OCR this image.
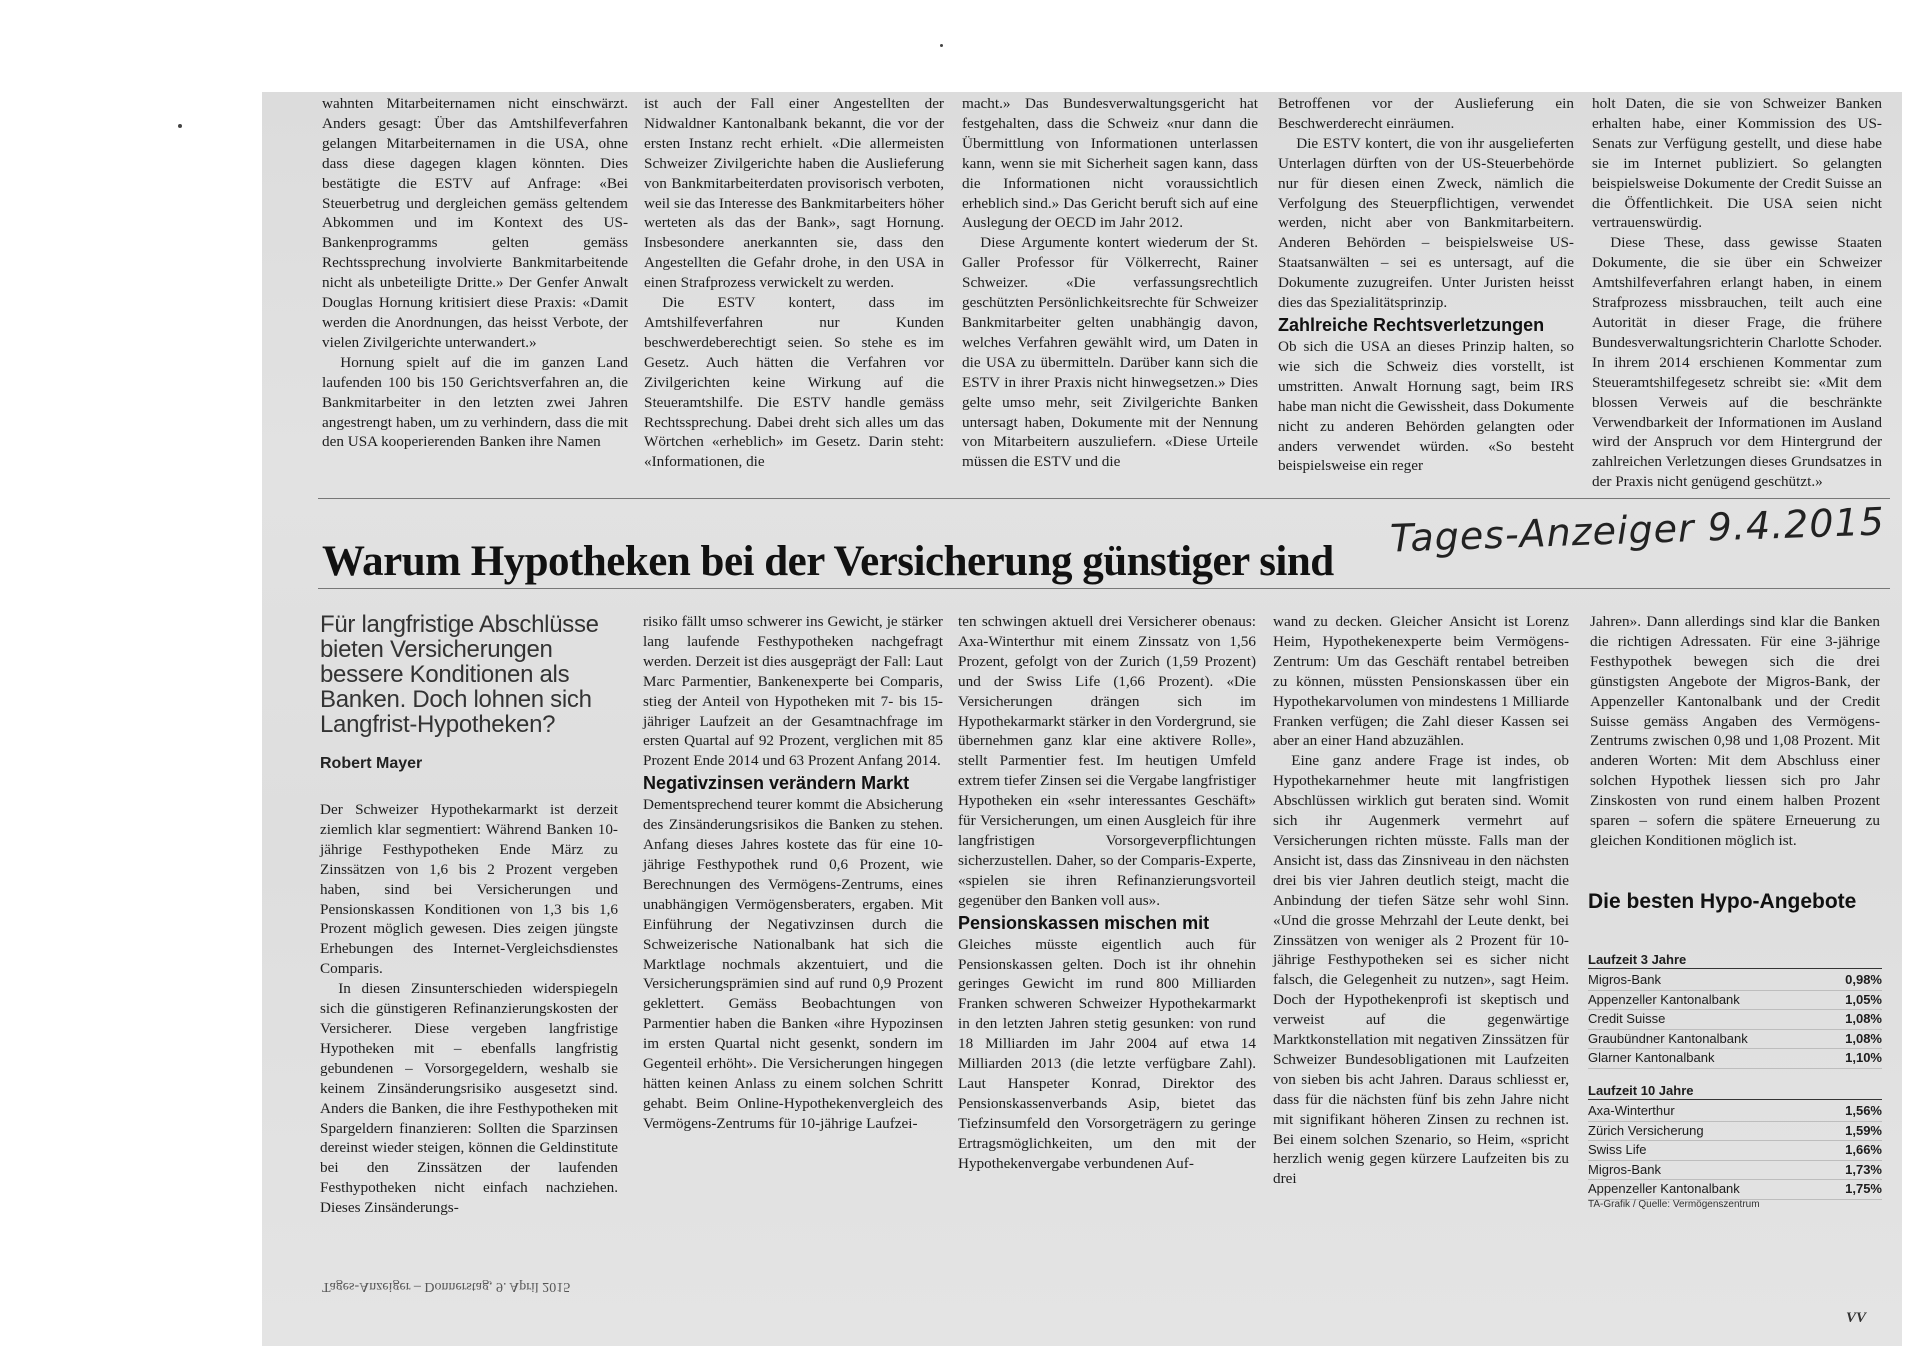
wahnten Mitarbeiternamen nicht einschwärzt. Anders gesagt: Über das Amtshilfeverfahren gelangen Mitarbeiternamen in die USA, ohne dass diese dagegen klagen könnten. Dies bestätigte die ESTV auf Anfrage: «Bei Steuerbetrug und dergleichen gemäss geltendem Abkommen und im Kontext des US-Bankenprogramms gelten gemäss Rechtssprechung involvierte Bankmitarbeitende nicht als unbeteiligte Dritte.» Der Genfer Anwalt Douglas Hornung kritisiert diese Praxis: «Damit werden die Anordnungen, das heisst Verbote, der vielen Zivilgerichte unterwandert.»

Hornung spielt auf die im ganzen Land laufenden 100 bis 150 Gerichtsverfahren an, die Bankmitarbeiter in den letzten zwei Jahren angestrengt haben, um zu verhindern, dass die mit den USA kooperierenden Banken ihre Namen

ist auch der Fall einer Angestellten der Nidwaldner Kantonalbank bekannt, die vor der ersten Instanz recht erhielt. «Die allermeisten Schweizer Zivilgerichte haben die Auslieferung von Bankmitarbeiterdaten provisorisch verboten, weil sie das Interesse des Bankmitarbeiters höher werteten als das der Bank», sagt Hornung. Insbesondere anerkannten sie, dass den Angestellten die Gefahr drohe, in den USA in einen Strafprozess verwickelt zu werden.

Die ESTV kontert, dass im Amtshilfeverfahren nur Kunden beschwerdeberechtigt seien. So stehe es im Gesetz. Auch hätten die Verfahren vor Zivilgerichten keine Wirkung auf die Steueramtshilfe. Die ESTV handle gemäss Rechtssprechung. Dabei dreht sich alles um das Wörtchen «erheblich» im Gesetz. Darin steht: «Informationen, die

macht.» Das Bundesverwaltungsgericht hat festgehalten, dass die Schweiz «nur dann die Übermittlung von Informationen unterlassen kann, wenn sie mit Sicherheit sagen kann, dass die Informationen nicht voraussichtlich erheblich sind.» Das Gericht beruft sich auf eine Auslegung der OECD im Jahr 2012.

Diese Argumente kontert wiederum der St. Galler Professor für Völkerrecht, Rainer Schweizer. «Die verfassungsrechtlich geschützten Persönlichkeitsrechte für Schweizer Bankmitarbeiter gelten unabhängig davon, welches Verfahren gewählt wird, um Daten in die USA zu übermitteln. Darüber kann sich die ESTV in ihrer Praxis nicht hinwegsetzen.» Dies gelte umso mehr, seit Zivilgerichte Banken untersagt haben, Dokumente mit der Nennung von Mitarbeitern auszuliefern. «Diese Urteile müssen die ESTV und die

Betroffenen vor der Auslieferung ein Beschwerderecht einräumen.

Die ESTV kontert, die von ihr ausgelieferten Unterlagen dürften von der US-Steuerbehörde nur für diesen einen Zweck, nämlich die Verfolgung des Steuerpflichtigen, verwendet werden, nicht aber von Bankmitarbeitern. Anderen Behörden – beispielsweise US-Staatsanwälten – sei es untersagt, auf die Dokumente zuzugreifen. Unter Juristen heisst dies das Spezialitätsprinzip.

Zahlreiche Rechtsverletzungen

Ob sich die USA an dieses Prinzip halten, so wie sich die Schweiz dies vorstellt, ist umstritten. Anwalt Hornung sagt, beim IRS habe man nicht die Gewissheit, dass Dokumente nicht zu anderen Behörden gelangten oder anders verwendet würden. «So besteht beispielsweise ein reger

holt Daten, die sie von Schweizer Banken erhalten habe, einer Kommission des US-Senats zur Verfügung gestellt, und diese habe sie im Internet publiziert. So gelangten beispielsweise Dokumente der Credit Suisse an die Öffentlichkeit. Die USA seien nicht vertrauenswürdig.

Diese These, dass gewisse Staaten Dokumente, die sie über ein Schweizer Amtshilfeverfahren erlangt haben, in einem Strafprozess missbrauchen, teilt auch eine Autorität in dieser Frage, die frühere Bundesverwaltungsrichterin Charlotte Schoder. In ihrem 2014 erschienen Kommentar zum Steueramtshilfegesetz schreibt sie: «Mit dem blossen Verweis auf die beschränkte Verwendbarkeit der Informationen im Ausland wird der Anspruch vor dem Hintergrund der zahlreichen Verletzungen dieses Grundsatzes in der Praxis nicht genügend geschützt.»

Warum Hypotheken bei der Versicherung günstiger sind
Tages-Anzeiger 9.4.2015
Für langfristige Abschlüsse bieten Versicherungen bessere Konditionen als Banken. Doch lohnen sich Langfrist-Hypotheken?
Robert Mayer

Der Schweizer Hypothekarmarkt ist derzeit ziemlich klar segmentiert: Während Banken 10-jährige Festhypotheken Ende März zu Zinssätzen von 1,6 bis 2 Prozent vergeben haben, sind bei Versicherungen und Pensionskassen Konditionen von 1,3 bis 1,6 Prozent möglich gewesen. Dies zeigen jüngste Erhebungen des Internet-Vergleichsdienstes Comparis.

In diesen Zinsunterschieden widerspiegeln sich die günstigeren Refinanzierungskosten der Versicherer. Diese vergeben langfristige Hypotheken mit – ebenfalls langfristig gebundenen – Vorsorgegeldern, weshalb sie keinem Zinsänderungsrisiko ausgesetzt sind. Anders die Banken, die ihre Festhypotheken mit Spargeldern finanzieren: Sollten die Sparzinsen dereinst wieder steigen, können die Geldinstitute bei den Zinssätzen der laufenden Festhypotheken nicht einfach nachziehen. Dieses Zinsänderungs-

risiko fällt umso schwerer ins Gewicht, je stärker lang laufende Festhypotheken nachgefragt werden. Derzeit ist dies ausgeprägt der Fall: Laut Marc Parmentier, Bankenexperte bei Comparis, stieg der Anteil von Hypotheken mit 7- bis 15-jähriger Laufzeit an der Gesamtnachfrage im ersten Quartal auf 92 Prozent, verglichen mit 85 Prozent Ende 2014 und 63 Prozent Anfang 2014.

Negativzinsen verändern Markt

Dementsprechend teurer kommt die Absicherung des Zinsänderungsrisikos die Banken zu stehen. Anfang dieses Jahres kostete das für eine 10-jährige Festhypothek rund 0,6 Prozent, wie Berechnungen des Vermögens-Zentrums, eines unabhängigen Vermögensberaters, ergaben. Mit Einführung der Negativzinsen durch die Schweizerische Nationalbank hat sich die Marktlage nochmals akzentuiert, und die Versicherungsprämien sind auf rund 0,9 Prozent geklettert. Gemäss Beobachtungen von Parmentier haben die Banken «ihre Hypozinsen im ersten Quartal nicht gesenkt, sondern im Gegenteil erhöht». Die Versicherungen hingegen hätten keinen Anlass zu einem solchen Schritt gehabt. Beim Online-Hypothekenvergleich des Vermögens-Zentrums für 10-jährige Laufzei-

ten schwingen aktuell drei Versicherer obenaus: Axa-Winterthur mit einem Zinssatz von 1,56 Prozent, gefolgt von der Zurich (1,59 Prozent) und der Swiss Life (1,66 Prozent). «Die Versicherungen drängen sich im Hypothekarmarkt stärker in den Vordergrund, sie übernehmen ganz klar eine aktivere Rolle», stellt Parmentier fest. Im heutigen Umfeld extrem tiefer Zinsen sei die Vergabe langfristiger Hypotheken ein «sehr interessantes Geschäft» für Versicherungen, um einen Ausgleich für ihre langfristigen Vorsorgeverpflichtungen sicherzustellen. Daher, so der Comparis-Experte, «spielen sie ihren Refinanzierungsvorteil gegenüber den Banken voll aus».

Pensionskassen mischen mit

Gleiches müsste eigentlich auch für Pensionskassen gelten. Doch ist ihr ohnehin geringes Gewicht im rund 800 Milliarden Franken schweren Schweizer Hypothekarmarkt in den letzten Jahren stetig gesunken: von rund 18 Milliarden im Jahr 2004 auf etwa 14 Milliarden 2013 (die letzte verfügbare Zahl). Laut Hanspeter Konrad, Direktor des Pensionskassenverbands Asip, bietet das Tiefzinsumfeld den Vorsorgeträgern zu geringe Ertragsmöglichkeiten, um den mit der Hypothekenvergabe verbundenen Auf-

wand zu decken. Gleicher Ansicht ist Lorenz Heim, Hypothekenexperte beim Vermögens-Zentrum: Um das Geschäft rentabel betreiben zu können, müssten Pensionskassen über ein Hypothekarvolumen von mindestens 1 Milliarde Franken verfügen; die Zahl dieser Kassen sei aber an einer Hand abzuzählen.

Eine ganz andere Frage ist indes, ob Hypothekarnehmer heute mit langfristigen Abschlüssen wirklich gut beraten sind. Womit sich ihr Augenmerk vermehrt auf Versicherungen richten müsste. Falls man der Ansicht ist, dass das Zinsniveau in den nächsten drei bis vier Jahren deutlich steigt, macht die Anbindung der tiefen Sätze sehr wohl Sinn. «Und die grosse Mehrzahl der Leute denkt, bei Zinssätzen von weniger als 2 Prozent für 10-jährige Festhypotheken sei es sicher nicht falsch, die Gelegenheit zu nutzen», sagt Heim. Doch der Hypothekenprofi ist skeptisch und verweist auf die gegenwärtige Marktkonstellation mit negativen Zinssätzen für Schweizer Bundesobligationen mit Laufzeiten von sieben bis acht Jahren. Daraus schliesst er, dass für die nächsten fünf bis zehn Jahre nicht mit signifikant höheren Zinsen zu rechnen ist. Bei einem solchen Szenario, so Heim, «spricht herzlich wenig gegen kürzere Laufzeiten bis zu drei

Jahren». Dann allerdings sind klar die Banken die richtigen Adressaten. Für eine 3-jährige Festhypothek bewegen sich die drei günstigsten Angebote der Migros-Bank, der Appenzeller Kantonalbank und der Credit Suisse gemäss Angaben des Vermögens-Zentrums zwischen 0,98 und 1,08 Prozent. Mit anderen Worten: Mit dem Abschluss einer solchen Hypothek liessen sich pro Jahr Zinskosten von rund einem halben Prozent sparen – sofern die spätere Erneuerung zu gleichen Konditionen möglich ist.

Die besten Hypo-Angebote
Laufzeit 3 Jahre
Migros-Bank	0,98%
Appenzeller Kantonalbank	1,05%
Credit Suisse	1,08%
Graubündner Kantonalbank	1,08%
Glarner Kantonalbank	1,10%
Laufzeit 10 Jahre
Axa-Winterthur	1,56%
Zürich Versicherung	1,59%
Swiss Life	1,66%
Migros-Bank	1,73%
Appenzeller Kantonalbank	1,75%
TA-Grafik / Quelle: Vermögenszentrum
Tages-Anzeiger – Donnerstag, 9. April 2015
VV
